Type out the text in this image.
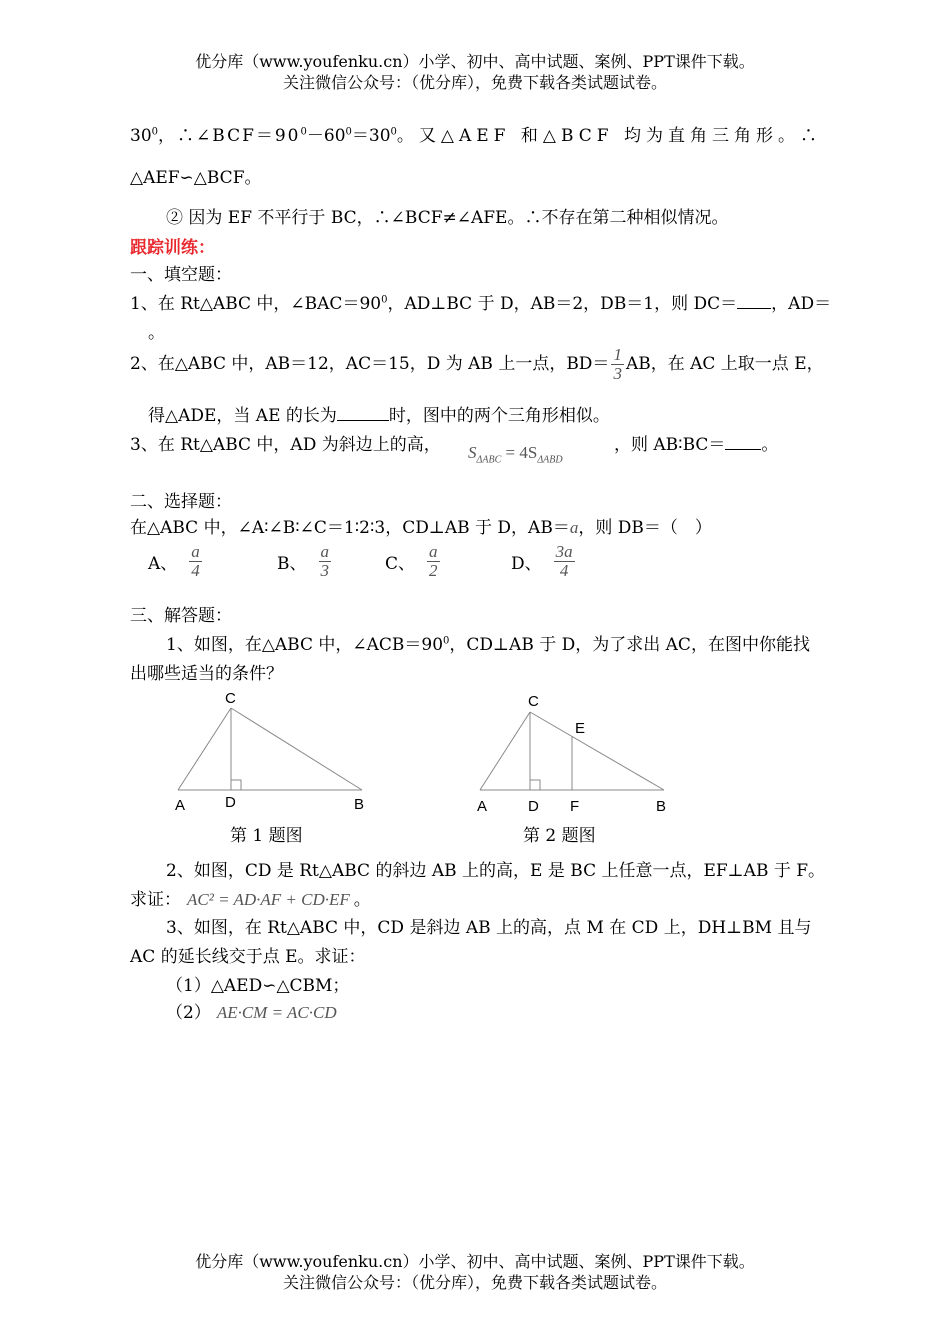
优分库（www.youfenku.cn）小学、初中、高中试题、案例、PPT课件下载。
关注微信公众号：（优分库），免费下载各类试题试卷。
$30^0$，$\therefore\angle BCF=90^0-60^0=30^0$。又△AEF 和△BCF 均为直角三角形。∴
△AEF∽△BCF。
② 因为 EF 不平行于 BC，∴∠BCF≠∠AFE。∴不存在第二种相似情况。
跟踪训练：
一、填空题：
1、在 Rt△ABC 中，$\angle BAC=90^0$，AD⊥BC 于 D，AB＝2，DB＝1，则 DC＝ ，AD＝
。
2、在△ABC 中，AB＝12，AC＝15，D 为 AB 上一点，$BD= \frac{1}{3}$ AB，在 AC 上取一点 E，
得△ADE，当 AE 的长为	时，图中的两个三角形相似。
3、在 Rt△ABC 中，AD 为斜边上的高， $S_{\Delta ABC} = 4S_{\Delta ABD}$
，则 AB∶BC＝ 。
二、选择题：
在△ABC 中，∠A∶∠B∶∠C＝1∶2∶3，CD⊥AB 于 D，AB＝a，则 DB＝（　）
A、 $\frac{a}{4}$	B、 $\frac{a}{3}$	C、 $\frac{a}{2}$	D、 $\frac{3a}{4}$
三、解答题：
1、如图，在△ABC 中，$\angle ACB=90^0$，CD⊥AB 于 D，为了求出 AC，在图中你能找
出哪些适当的条件？
C
A	D	B
第 1 题图
C
E
A	D F	B
第 2 题图
2、如图，CD 是 Rt△ABC 的斜边 AB 上的高，E 是 BC 上任意一点，EF⊥AB 于 F。
求证： AC² = AD·AF + CD·EF 。
3、如图，在 Rt△ABC 中，CD 是斜边 AB 上的高，点 M 在 CD 上，DH⊥BM 且与
AC 的延长线交于点 E。求证：
（1）△AED∽△CBM；
（2） AE·CM = AC·CD
优分库（www.youfenku.cn）小学、初中、高中试题、案例、PPT课件下载。
关注微信公众号：（优分库），免费下载各类试题试卷。
